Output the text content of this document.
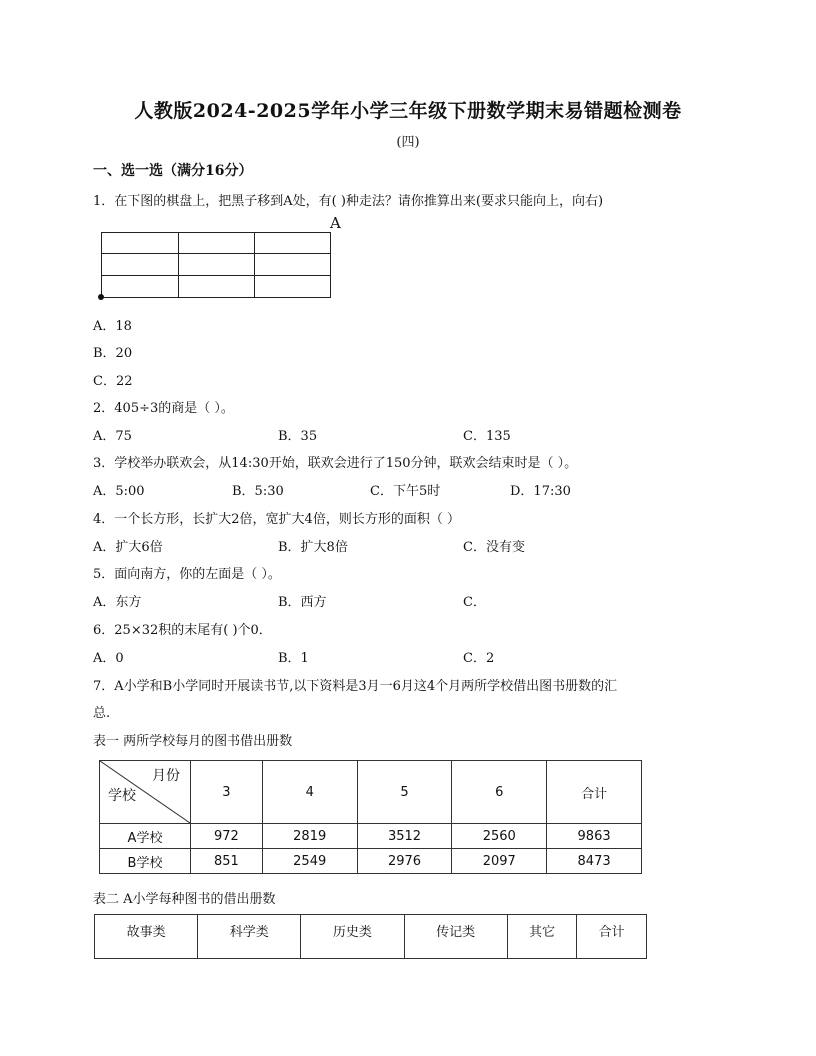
人教版2024-2025学年小学三年级下册数学期末易错题检测卷
(四)
一、选一选（满分16分）
1．在下图的棋盘上，把黑子移到A处，有( )种走法？请你推算出来(要求只能向上，向右)
A
A．18
B．20
C．22
2．405÷3的商是（ ）。
A．75	B．35	C．135
3．学校举办联欢会，从14:30开始，联欢会进行了150分钟，联欢会结束时是（ ）。
A．5:00	B．5:30	C．下午5时	D．17:30
4．一个长方形，长扩大2倍，宽扩大4倍，则长方形的面积（ ）
A．扩大6倍	B．扩大8倍	C．没有变
5．面向南方，你的左面是（ ）。
A．东方	B．西方	C．
6．25×32积的末尾有( )个0．
A．0	B．1	C．2
7．A小学和B小学同时开展读书节,以下资料是3月一6月这4个月两所学校借出图书册数的汇
总.
表一 两所学校每月的图书借出册数
月份
学校	3	4	5	6	合计
A学校	972	2819	3512	2560	9863
B学校	851	2549	2976	2097	8473
表二 A小学每种图书的借出册数
故事类	科学类	历史类	传记类	其它	合计
